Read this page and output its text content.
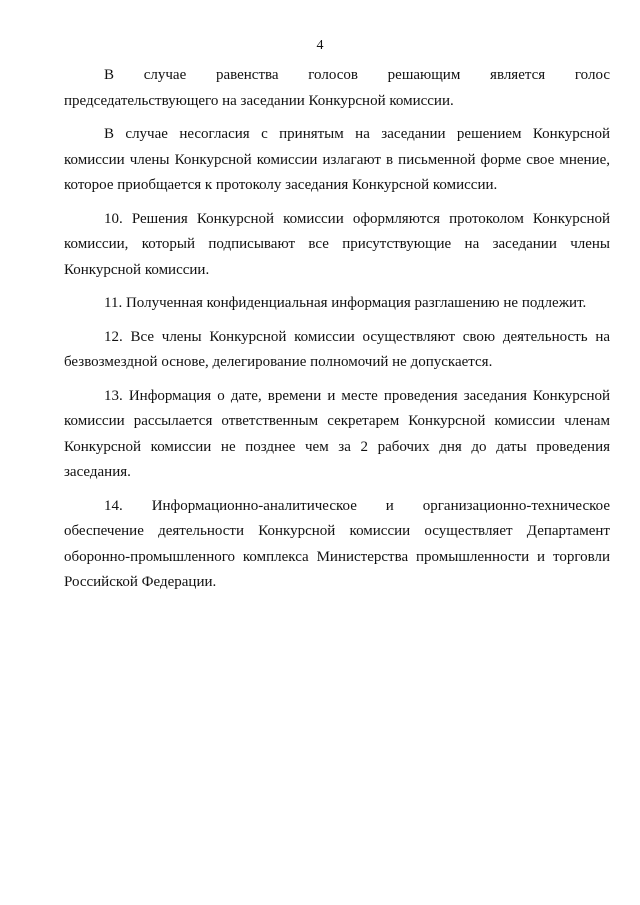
4

В случае равенства голосов решающим является голос председательствующего на заседании Конкурсной комиссии.

В случае несогласия с принятым на заседании решением Конкурсной комиссии члены Конкурсной комиссии излагают в письменной форме свое мнение, которое приобщается к протоколу заседания Конкурсной комиссии.

10. Решения Конкурсной комиссии оформляются протоколом Конкурсной комиссии, который подписывают все присутствующие на заседании члены Конкурсной комиссии.

11. Полученная конфиденциальная информация разглашению не подлежит.

12. Все члены Конкурсной комиссии осуществляют свою деятельность на безвозмездной основе, делегирование полномочий не допускается.

13. Информация о дате, времени и месте проведения заседания Конкурсной комиссии рассылается ответственным секретарем Конкурсной комиссии членам Конкурсной комиссии не позднее чем за 2 рабочих дня до даты проведения заседания.

14. Информационно-аналитическое и организационно-техническое обеспечение деятельности Конкурсной комиссии осуществляет Департамент оборонно-промышленного комплекса Министерства промышленности и торговли Российской Федерации.
